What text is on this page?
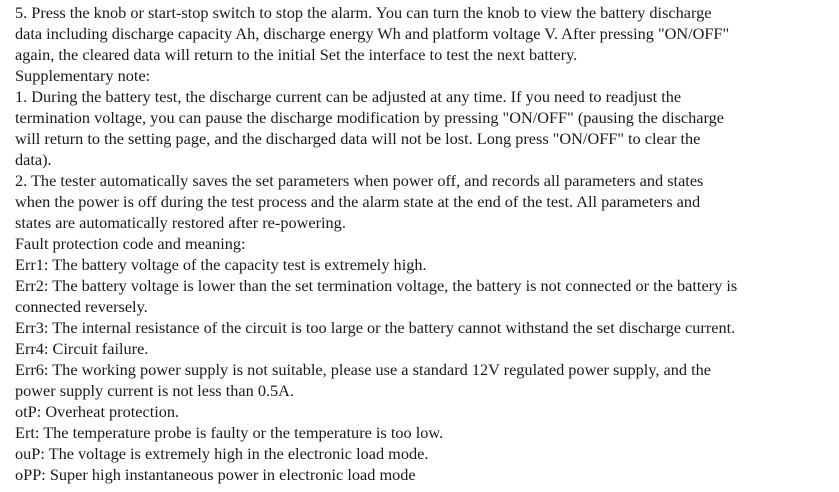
5. Press the knob or start-stop switch to stop the alarm. You can turn the knob to view the battery discharge
data including discharge capacity Ah, discharge energy Wh and platform voltage V. After pressing "ON/OFF"
again, the cleared data will return to the initial Set the interface to test the next battery.
Supplementary note:
1. During the battery test, the discharge current can be adjusted at any time. If you need to readjust the
termination voltage, you can pause the discharge modification by pressing "ON/OFF" (pausing the discharge
will return to the setting page, and the discharged data will not be lost. Long press "ON/OFF" to clear the
data).
2. The tester automatically saves the set parameters when power off, and records all parameters and states
when the power is off during the test process and the alarm state at the end of the test. All parameters and
states are automatically restored after re-powering.
Fault protection code and meaning:
Err1: The battery voltage of the capacity test is extremely high.
Err2: The battery voltage is lower than the set termination voltage, the battery is not connected or the battery is
connected reversely.
Err3: The internal resistance of the circuit is too large or the battery cannot withstand the set discharge current.
Err4: Circuit failure.
Err6: The working power supply is not suitable, please use a standard 12V regulated power supply, and the
power supply current is not less than 0.5A.
otP: Overheat protection.
Ert: The temperature probe is faulty or the temperature is too low.
ouP: The voltage is extremely high in the electronic load mode.
oPP: Super high instantaneous power in electronic load mode
